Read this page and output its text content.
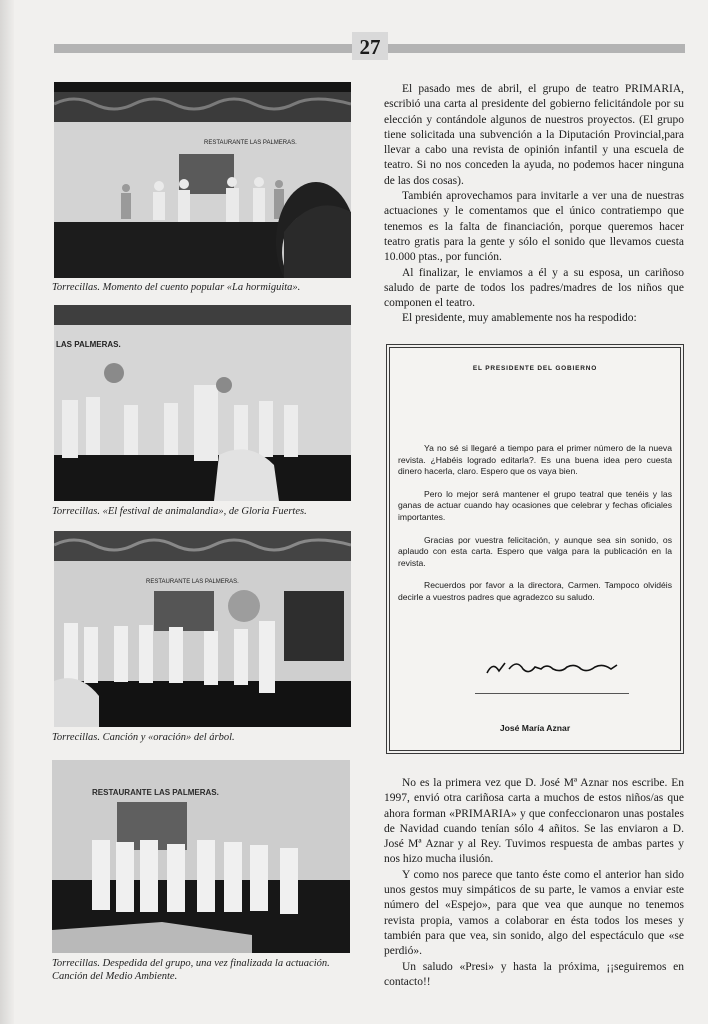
27
RESTAURANTE LAS PALMERAS.
Torrecillas. Momento del cuento popular «La hormiguita».
LAS PALMERAS.
Torrecillas. «El festival de animalandia», de Gloria Fuertes.
RESTAURANTE LAS PALMERAS.
Torrecillas. Canción y «oración» del árbol.
RESTAURANTE LAS PALMERAS.
Torrecillas. Despedida del grupo, una vez finalizada la actuación. Canción del Medio Ambiente.

El pasado mes de abril, el grupo de teatro PRIMARIA, escribió una carta al presidente del gobierno felicitándole por su elección y contándole algunos de nuestros proyectos. (El grupo tiene solicitada una subvención a la Diputación Provincial,para llevar a cabo una revista de opinión infantil y una escuela de teatro. Si no nos conceden la ayuda, no podemos hacer ninguna de las dos cosas).

También aprovechamos para invitarle a ver una de nuestras actuaciones y le comentamos que el único contratiempo que tenemos es la falta de financiación, porque queremos hacer teatro gratis para la gente y sólo el sonido que llevamos cuesta 10.000 ptas., por función.

Al finalizar, le enviamos a él y a su esposa, un cariñoso saludo de parte de todos los padres/madres de los niños que componen el teatro.

El presidente, muy amablemente nos ha respodido:

EL PRESIDENTE DEL GOBIERNO

Ya no sé si llegaré a tiempo para el primer número de la nueva revista. ¿Habéis logrado editarla?. Es una buena idea pero cuesta dinero hacerla, claro. Espero que os vaya bien.

Pero lo mejor será mantener el grupo teatral que tenéis y las ganas de actuar cuando hay ocasiones que celebrar y fechas oficiales importantes.

Gracias por vuestra felicitación, y aunque sea sin sonido, os aplaudo con esta carta. Espero que valga para la publicación en la revista.

Recuerdos por favor a la directora, Carmen. Tampoco olvidéis decirle a vuestros padres que agradezco su saludo.

José María Aznar

No es la primera vez que D. José Mª Aznar nos escribe. En 1997, envió otra cariñosa carta a muchos de estos niños/as que ahora forman «PRIMARIA» y que confeccionaron unas postales de Navidad cuando tenían sólo 4 añitos. Se las enviaron a D. José Mª Aznar y al Rey. Tuvimos respuesta de ambas partes y nos hizo mucha ilusión.

Y como nos parece que tanto éste como el anterior han sido unos gestos muy simpáticos de su parte, le vamos a enviar este número del «Espejo», para que vea que aunque no tenemos revista propia, vamos a colaborar en ésta todos los meses y también para que vea, sin sonido, algo del espectáculo que «se perdió».

Un saludo «Presi» y hasta la próxima, ¡¡seguiremos en contacto!!
